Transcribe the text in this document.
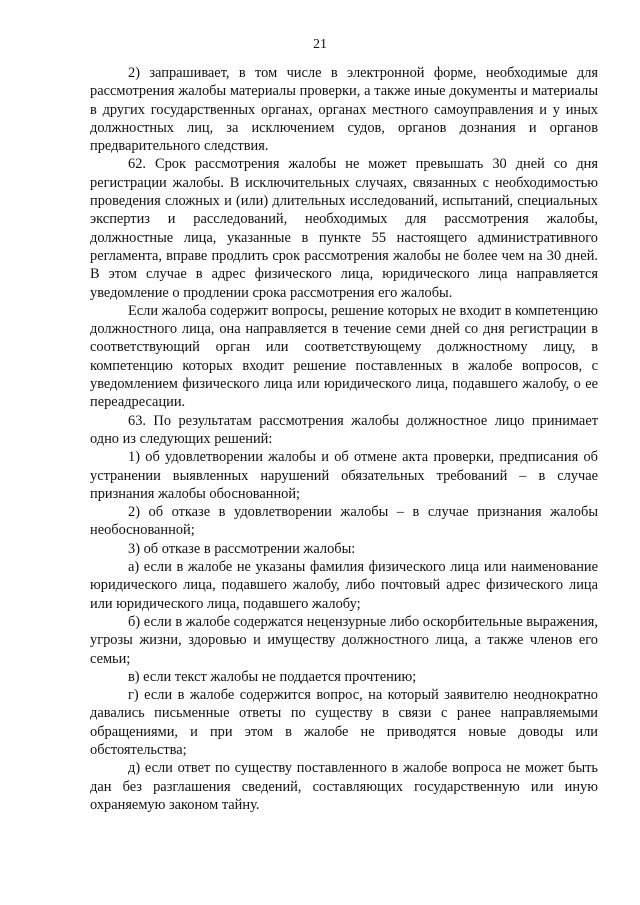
21

2) запрашивает, в том числе в электронной форме, необходимые для рассмотрения жалобы материалы проверки, а также иные документы и материалы в других государственных органах, органах местного самоуправления и у иных должностных лиц, за исключением судов, органов дознания и органов предварительного следствия.

62. Срок рассмотрения жалобы не может превышать 30 дней со дня регистрации жалобы. В исключительных случаях, связанных с необходимостью проведения сложных и (или) длительных исследований, испытаний, специальных экспертиз и расследований, необходимых для рассмотрения жалобы, должностные лица, указанные в пункте 55 настоящего административного регламента, вправе продлить срок рассмотрения жалобы не более чем на 30 дней. В этом случае в адрес физического лица, юридического лица направляется уведомление о продлении срока рассмотрения его жалобы.

Если жалоба содержит вопросы, решение которых не входит в компетенцию должностного лица, она направляется в течение семи дней со дня регистрации в соответствующий орган или соответствующему должностному лицу, в компетенцию которых входит решение поставленных в жалобе вопросов, с уведомлением физического лица или юридического лица, подавшего жалобу, о ее переадресации.

63. По результатам рассмотрения жалобы должностное лицо принимает одно из следующих решений:

1) об удовлетворении жалобы и об отмене акта проверки, предписания об устранении выявленных нарушений обязательных требований – в случае признания жалобы обоснованной;

2) об отказе в удовлетворении жалобы – в случае признания жалобы необоснованной;

3) об отказе в рассмотрении жалобы:

а) если в жалобе не указаны фамилия физического лица или наименование юридического лица, подавшего жалобу, либо почтовый адрес физического лица или юридического лица, подавшего жалобу;

б) если в жалобе содержатся нецензурные либо оскорбительные выражения, угрозы жизни, здоровью и имуществу должностного лица, а также членов его семьи;

в) если текст жалобы не поддается прочтению;

г) если в жалобе содержится вопрос, на который заявителю неоднократно давались письменные ответы по существу в связи с ранее направляемыми обращениями, и при этом в жалобе не приводятся новые доводы или обстоятельства;

д) если ответ по существу поставленного в жалобе вопроса не может быть дан без разглашения сведений, составляющих государственную или иную охраняемую законом тайну.
